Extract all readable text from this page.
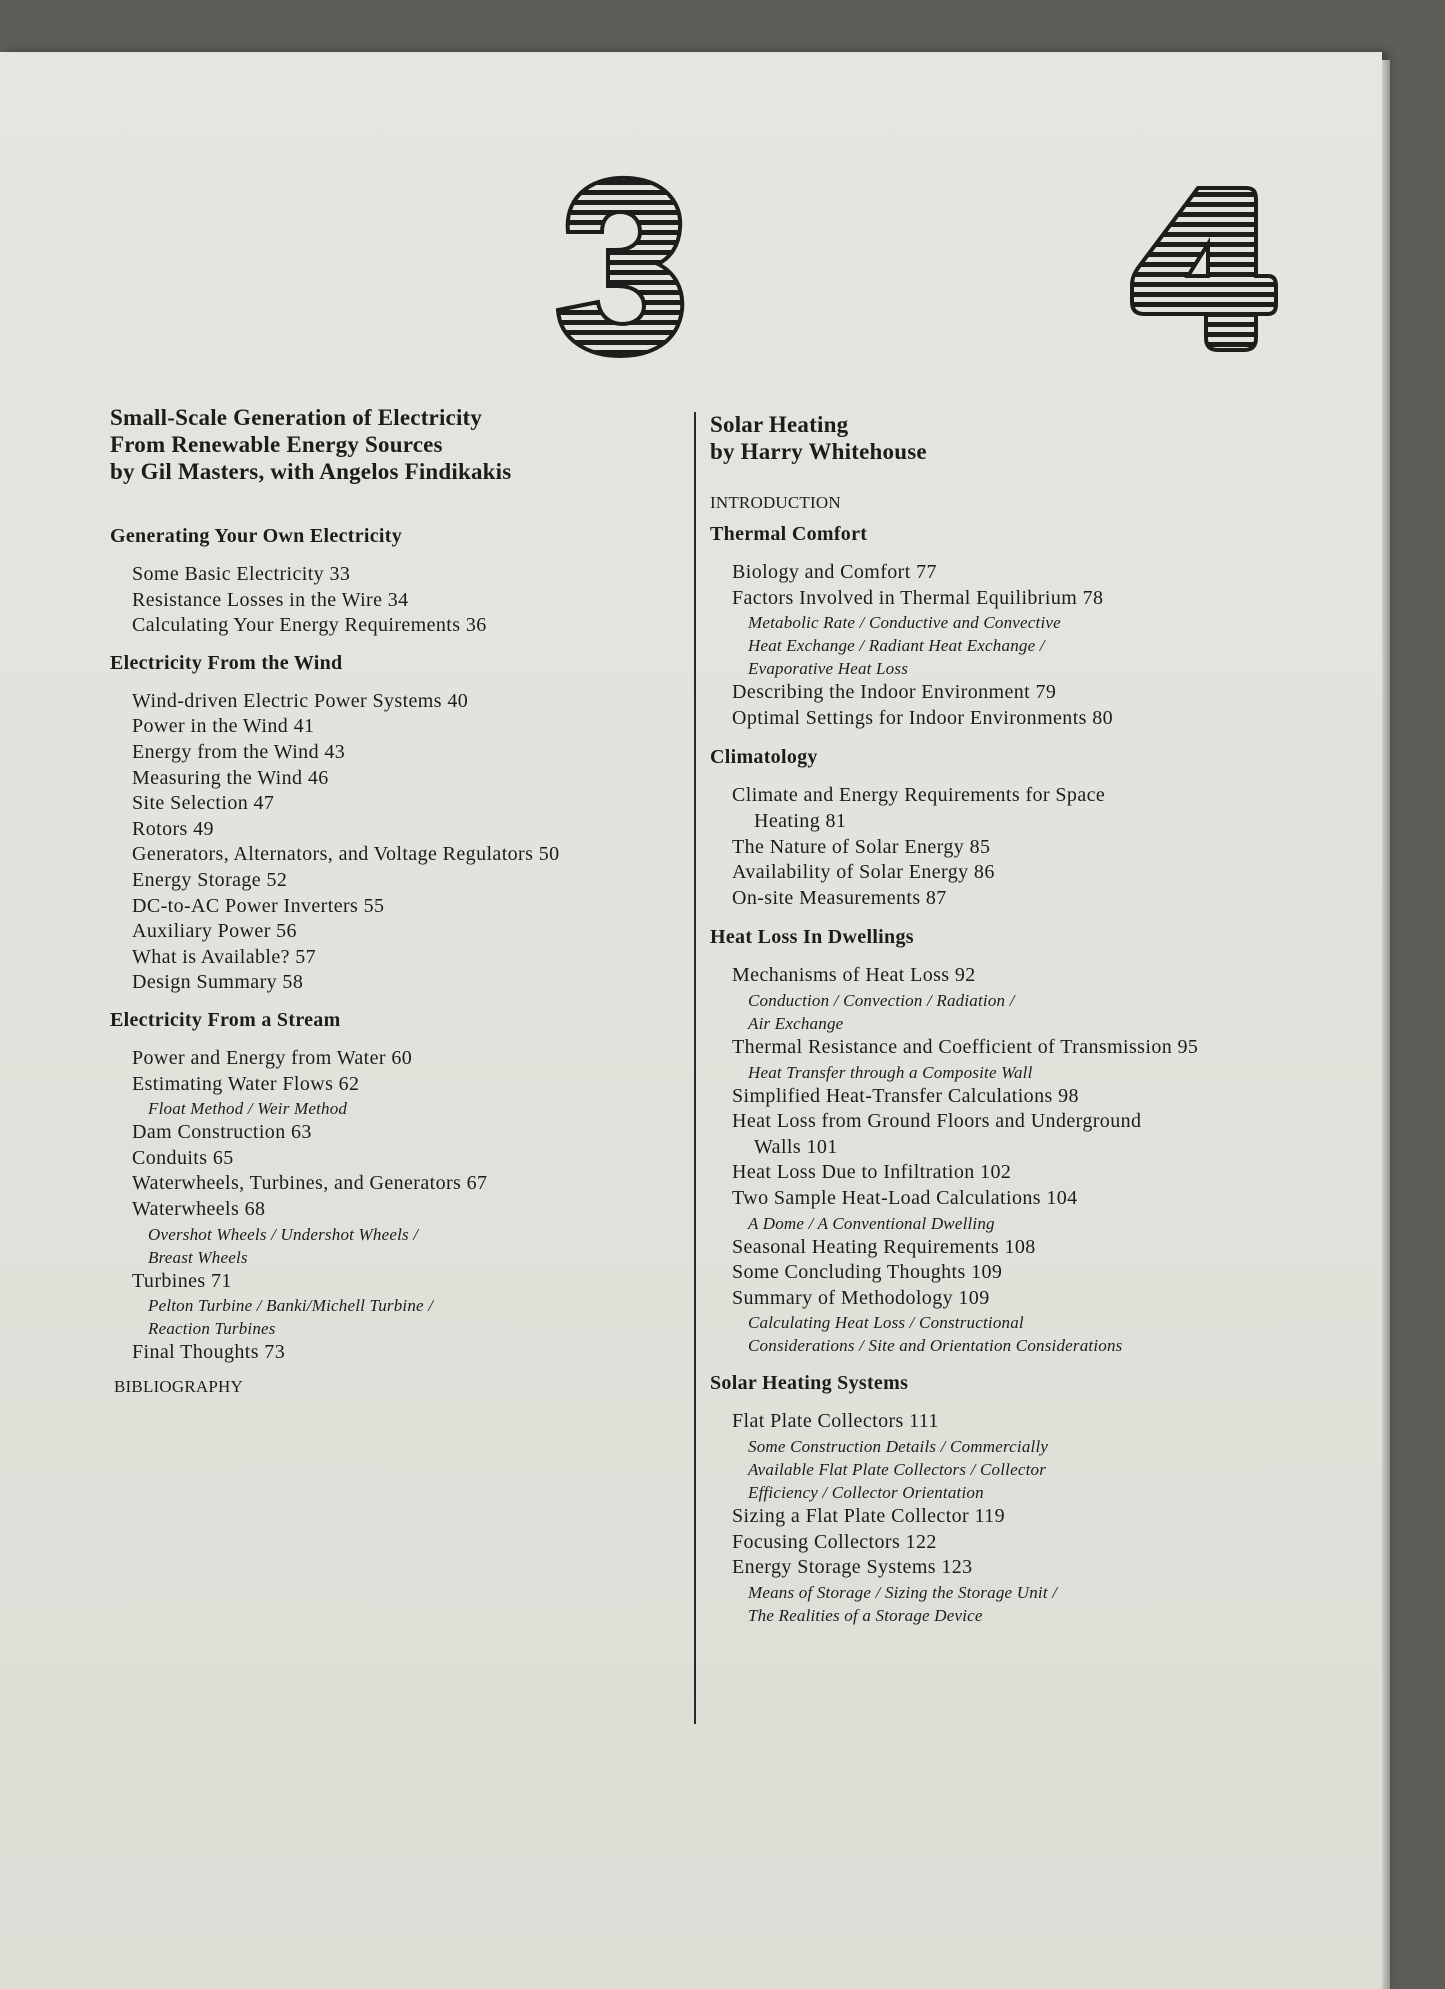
Small-Scale Generation of Electricity
From Renewable Energy Sources
by Gil Masters, with Angelos Findikakis
Generating Your Own Electricity
Some Basic Electricity 33
Resistance Losses in the Wire 34
Calculating Your Energy Requirements 36
Electricity From the Wind
Wind-driven Electric Power Systems 40
Power in the Wind 41
Energy from the Wind 43
Measuring the Wind 46
Site Selection 47
Rotors 49
Generators, Alternators, and Voltage Regulators 50
Energy Storage 52
DC-to-AC Power Inverters 55
Auxiliary Power 56
What is Available? 57
Design Summary 58
Electricity From a Stream
Power and Energy from Water 60
Estimating Water Flows 62
Float Method / Weir Method
Dam Construction 63
Conduits 65
Waterwheels, Turbines, and Generators 67
Waterwheels 68
Overshot Wheels / Undershot Wheels /
Breast Wheels
Turbines 71
Pelton Turbine / Banki/Michell Turbine /
Reaction Turbines
Final Thoughts 73
BIBLIOGRAPHY
Solar Heating
by Harry Whitehouse
INTRODUCTION
Thermal Comfort
Biology and Comfort 77
Factors Involved in Thermal Equilibrium 78
Metabolic Rate / Conductive and Convective
Heat Exchange / Radiant Heat Exchange /
Evaporative Heat Loss
Describing the Indoor Environment 79
Optimal Settings for Indoor Environments 80
Climatology
Climate and Energy Requirements for Space
Heating 81
The Nature of Solar Energy 85
Availability of Solar Energy 86
On-site Measurements 87
Heat Loss In Dwellings
Mechanisms of Heat Loss 92
Conduction / Convection / Radiation /
Air Exchange
Thermal Resistance and Coefficient of Transmission 95
Heat Transfer through a Composite Wall
Simplified Heat-Transfer Calculations 98
Heat Loss from Ground Floors and Underground
Walls 101
Heat Loss Due to Infiltration 102
Two Sample Heat-Load Calculations 104
A Dome / A Conventional Dwelling
Seasonal Heating Requirements 108
Some Concluding Thoughts 109
Summary of Methodology 109
Calculating Heat Loss / Constructional
Considerations / Site and Orientation Considerations
Solar Heating Systems
Flat Plate Collectors 111
Some Construction Details / Commercially
Available Flat Plate Collectors / Collector
Efficiency / Collector Orientation
Sizing a Flat Plate Collector 119
Focusing Collectors 122
Energy Storage Systems 123
Means of Storage / Sizing the Storage Unit /
The Realities of a Storage Device
